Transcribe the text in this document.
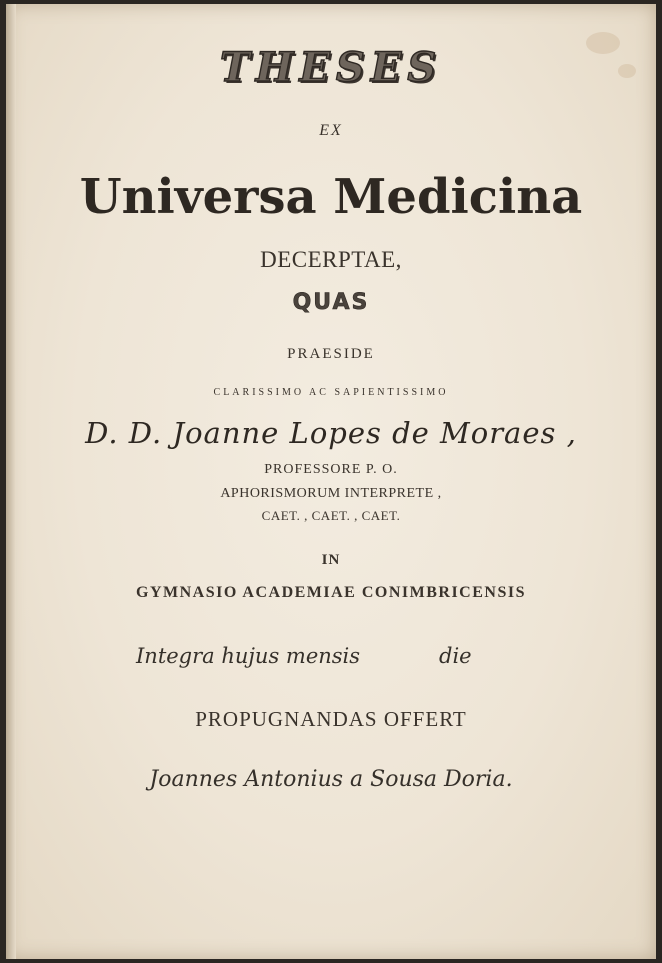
THESES
EX
Universa Medicina
DECERPTAE,
QUAS
PRAESIDE
CLARISSIMO AC SAPIENTISSIMO
D. D. Joanne Lopes de Moraes ,
PROFESSORE P. O.
APHORISMORUM INTERPRETE ,
CAET. , CAET. , CAET.
IN
GYMNASIO ACADEMIAE CONIMBRICENSIS
Integra hujus mensis	die
PROPUGNANDAS OFFERT
Joannes Antonius a Sousa Doria.
